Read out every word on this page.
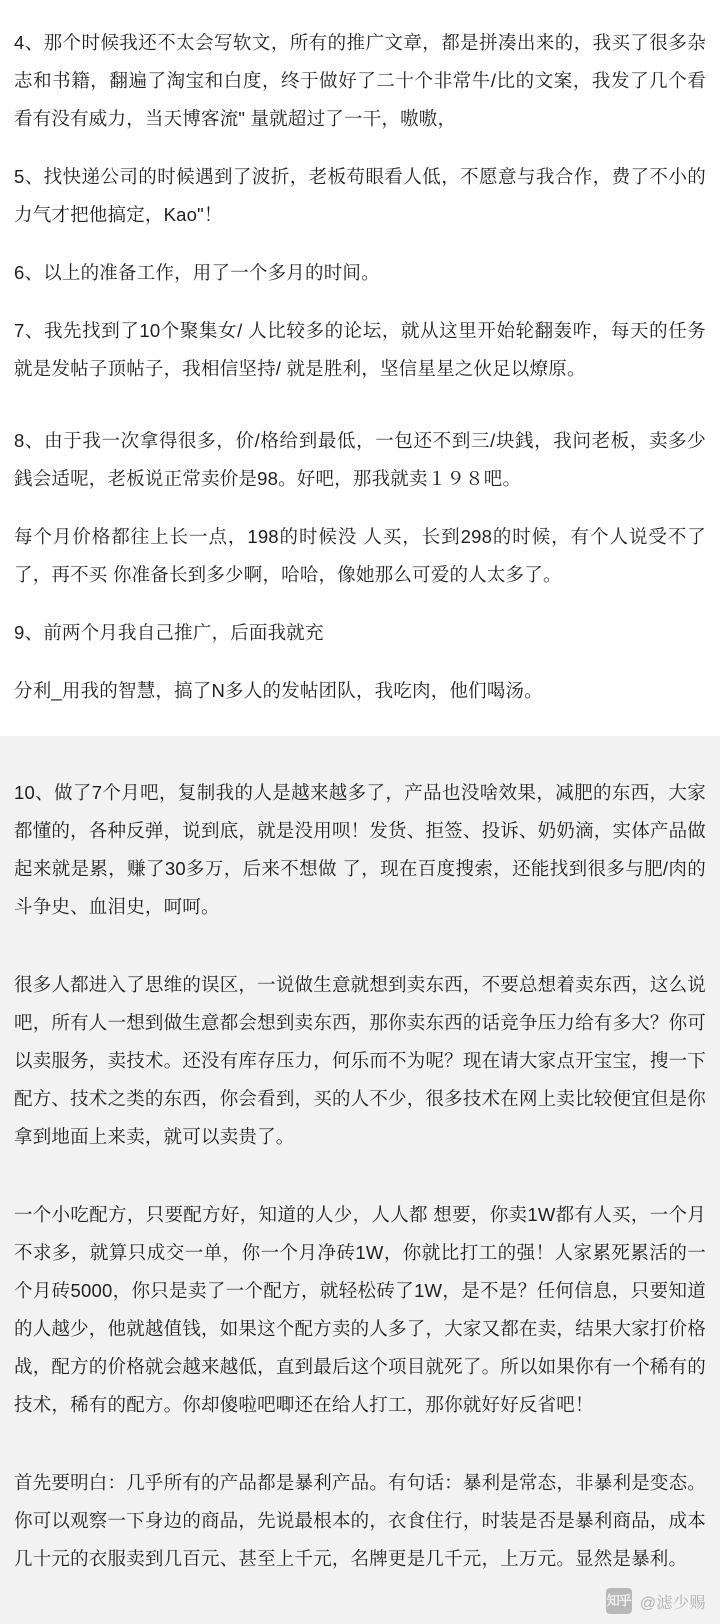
4、那个时候我还不太会写软文，所有的推广文章，都是拼凑出来的，我买了很多杂志和书籍，翻遍了淘宝和白度，终于做好了二十个非常牛/比的文案，我发了几个看看有没有威力，当天博客流" 量就超过了一干，嗷嗷，

5、找快递公司的时候遇到了波折，老板苟眼看人低，不愿意与我合作，费了不小的力气才把他搞定，Kao"！

6、以上的准备工作，用了一个多月的时间。

7、我先找到了10个聚集女/ 人比较多的论坛，就从这里开始轮翻轰咋，每天的任务就是发帖子顶帖子，我相信坚持/ 就是胜利，坚信星星之伙足以燎原。

8、由于我一次拿得很多，价/格给到最低，一包还不到三/块銭，我问老板，卖多少銭会适呢，老板说正常卖价是98。好吧，那我就卖１９８吧。

每个月价格都往上长一点，198的时候没 人买，长到298的时候，有个人说受不了了，再不买 你准备长到多少啊，哈哈，像她那么可爱的人太多了。

9、前两个月我自己推广，后面我就充

分利_用我的智慧，搞了N多人的发帖团队，我吃肉，他们喝汤。

10、做了7个月吧，复制我的人是越来越多了，产品也没啥效果，减肥的东西，大家都懂的，各种反弹，说到底，就是没用呗！发货、拒签、投诉、奶奶滴，实体产品做起来就是累，赚了30多万，后来不想做 了，现在百度搜索，还能找到很多与肥/肉的斗争史、血泪史，呵呵。

很多人都进入了思维的误区，一说做生意就想到卖东西，不要总想着卖东西，这么说吧，所有人一想到做生意都会想到卖东西，那你卖东西的话竞争压力给有多大？你可以卖服务，卖技术。还没有库存压力，何乐而不为呢？现在请大家点开宝宝，搜一下配方、技术之类的东西，你会看到，买的人不少，很多技术在网上卖比较便宜但是你拿到地面上来卖，就可以卖贵了。

一个小吃配方，只要配方好，知道的人少，人人都 想要，你卖1W都有人买，一个月不求多，就算只成交一单，你一个月净砖1W，你就比打工的强！人家累死累活的一个月砖5000，你只是卖了一个配方，就轻松砖了1W，是不是？任何信息，只要知道的人越少，他就越值钱，如果这个配方卖的人多了，大家又都在卖，结果大家打价格战，配方的价格就会越来越低，直到最后这个项目就死了。所以如果你有一个稀有的技术，稀有的配方。你却傻啦吧唧还在给人打工，那你就好好反省吧！

首先要明白：几乎所有的产品都是暴利产品。有句话：暴利是常态，非暴利是变态。你可以观察一下身边的商品，先说最根本的，衣食住行，时装是否是暴利商品，成本几十元的衣服卖到几百元、甚至上千元，名牌更是几千元，上万元。显然是暴利。

知乎 @滤少赐
